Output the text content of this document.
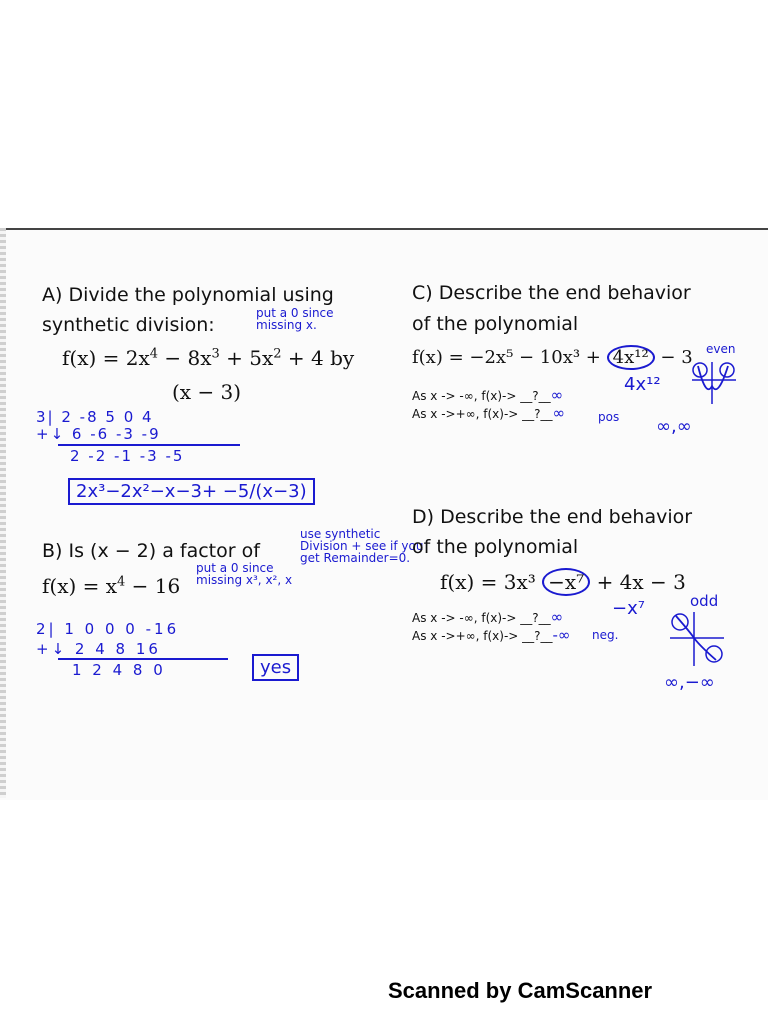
A) Divide the polynomial using
synthetic division:
put a 0 since missing x.
$f(x) = 2x^4 - 8x^3 + 5x^2 + 4$ by
(x − 3)
3| 2 -8 5 0 4
+↓ 6 -6 -3 -9
2 -2 -1 -3 -5
2x³−2x²−x−3+ −5/(x−3)
B) Is (x − 2) a factor of
use synthetic Division + see if you get Remainder=0.
$f(x) = x^4 - 16$
put a 0 since missing x³, x², x
2| 1 0 0 0 -16
+↓ 2 4 8 16
1 2 4 8 0	yes
C) Describe the end behavior
of the polynomial
f(x) = −2x⁵ − 10x³ + 4x¹² − 3 even
4x¹²
pos
As x -> -∞, f(x)-> __?__∞
As x ->+∞, f(x)-> __?__∞
∞,∞
D) Describe the end behavior
of the polynomial
f(x) = 3x³ −x⁷ + 4x − 3
As x -> -∞, f(x)-> __?__∞
As x ->+∞, f(x)-> __?__-∞
−x⁷	odd
neg.
∞,−∞
Scanned by CamScanner
